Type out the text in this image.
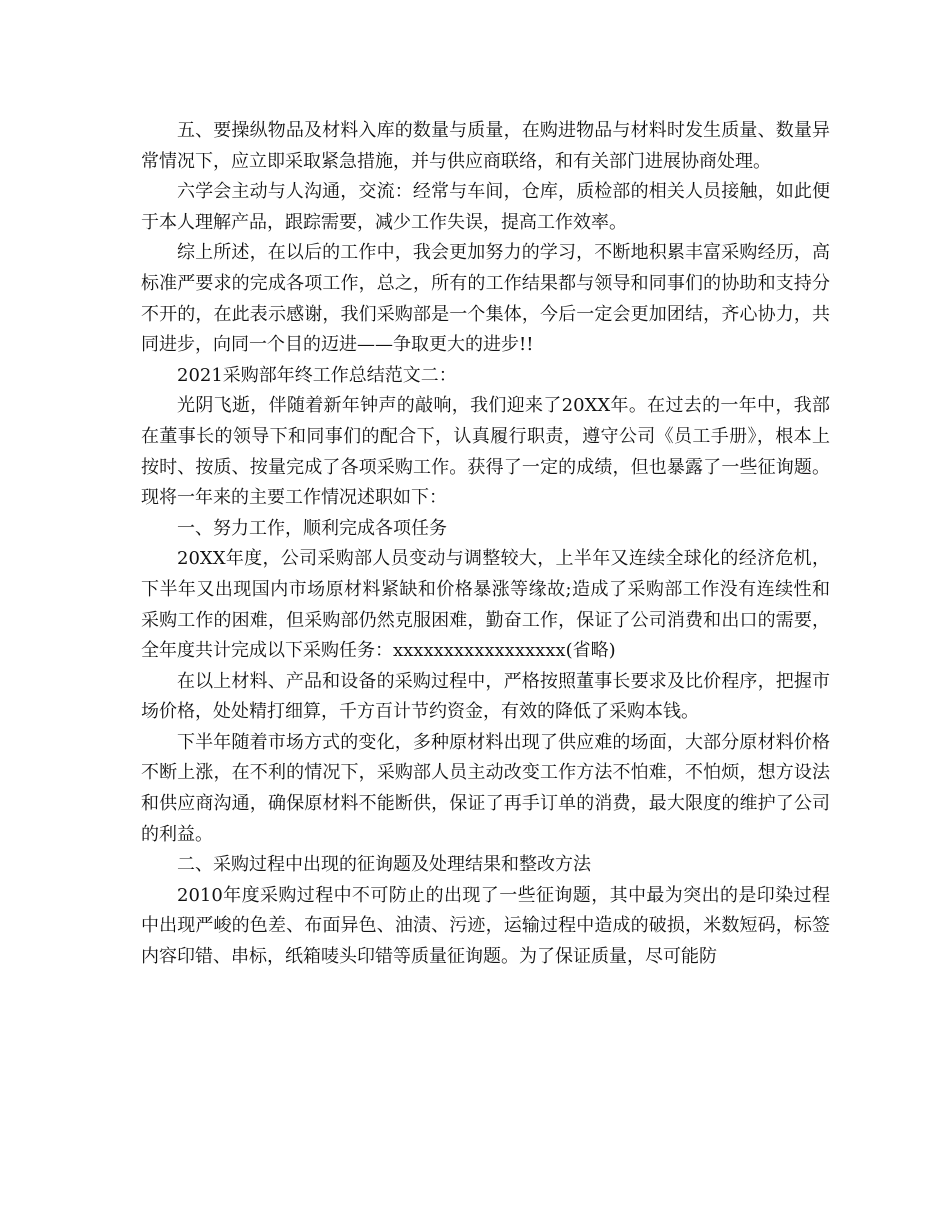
五、要操纵物品及材料入库的数量与质量，在购进物品与材料时发生质量、数量异常情况下，应立即采取紧急措施，并与供应商联络，和有关部门进展协商处理。

六学会主动与人沟通，交流：经常与车间，仓库，质检部的相关人员接触，如此便于本人理解产品，跟踪需要，减少工作失误，提高工作效率。

综上所述，在以后的工作中，我会更加努力的学习，不断地积累丰富采购经历，高标准严要求的完成各项工作，总之，所有的工作结果都与领导和同事们的协助和支持分不开的，在此表示感谢，我们采购部是一个集体，今后一定会更加团结，齐心协力，共同进步，向同一个目的迈进——争取更大的进步!!

2021采购部年终工作总结范文二：

光阴飞逝，伴随着新年钟声的敲响，我们迎来了20XX年。在过去的一年中，我部在董事长的领导下和同事们的配合下，认真履行职责，遵守公司《员工手册》，根本上按时、按质、按量完成了各项采购工作。获得了一定的成绩，但也暴露了一些征询题。现将一年来的主要工作情况述职如下：

一、努力工作，顺利完成各项任务

20XX年度，公司采购部人员变动与调整较大，上半年又连续全球化的经济危机，下半年又出现国内市场原材料紧缺和价格暴涨等缘故;造成了采购部工作没有连续性和采购工作的困难，但采购部仍然克服困难，勤奋工作，保证了公司消费和出口的需要，全年度共计完成以下采购任务：xxxxxxxxxxxxxxxxx(省略)

在以上材料、产品和设备的采购过程中，严格按照董事长要求及比价程序，把握市场价格，处处精打细算，千方百计节约资金，有效的降低了采购本钱。

下半年随着市场方式的变化，多种原材料出现了供应难的场面，大部分原材料价格不断上涨，在不利的情况下，采购部人员主动改变工作方法不怕难，不怕烦，想方设法和供应商沟通，确保原材料不能断供，保证了再手订单的消费，最大限度的维护了公司的利益。

二、采购过程中出现的征询题及处理结果和整改方法

2010年度采购过程中不可防止的出现了一些征询题，其中最为突出的是印染过程中出现严峻的色差、布面异色、油渍、污迹，运输过程中造成的破损，米数短码，标签内容印错、串标，纸箱唛头印错等质量征询题。为了保证质量，尽可能防
